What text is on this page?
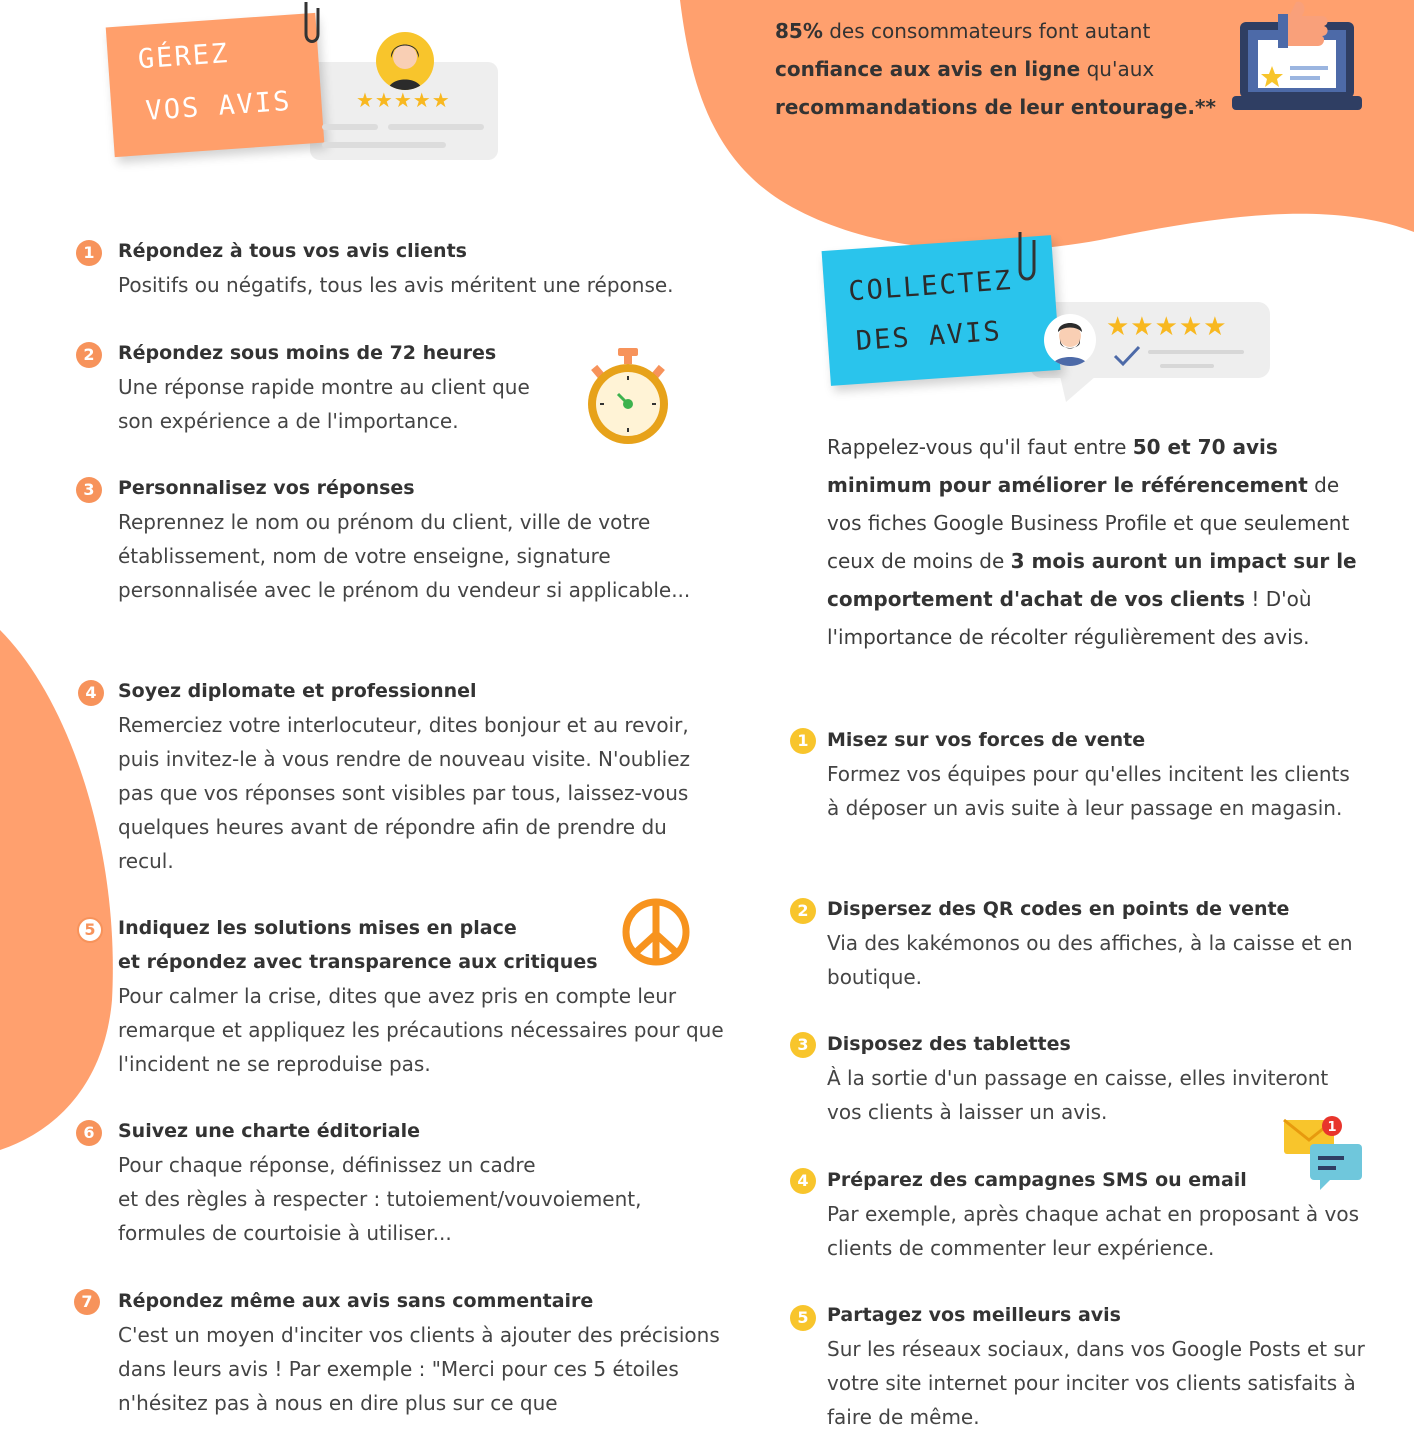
GÉREZ
VOS AVIS	★★★★★
85% des consommateurs font autant confiance aux avis en ligne qu'aux recommandations de leur entourage.**
1	Répondez à tous vos avis clients

Positifs ou négatifs, tous les avis méritent une réponse.

2	Répondez sous moins de 72 heures

Une réponse rapide montre au client que son expérience a de l'importance.

3	Personnalisez vos réponses

Reprennez le nom ou prénom du client, ville de votre établissement, nom de votre enseigne, signature personnalisée avec le prénom du vendeur si applicable...

4	Soyez diplomate et professionnel

Remerciez votre interlocuteur, dites bonjour et au revoir, puis invitez-le à vous rendre de nouveau visite. N'oubliez pas que vos réponses sont visibles par tous, laissez-vous quelques heures avant de répondre afin de prendre du recul.

5	Indiquez les solutions mises en place
et répondez avec transparence aux critiques

Pour calmer la crise, dites que avez pris en compte leur remarque et appliquez les précautions nécessaires pour que l'incident ne se reproduise pas.

6	Suivez une charte éditoriale

Pour chaque réponse, définissez un cadre

et des règles à respecter : tutoiement/vouvoiement, formules de courtoisie à utiliser...

7	Répondez même aux avis sans commentaire

C'est un moyen d'inciter vos clients à ajouter des précisions dans leurs avis ! Par exemple : "Merci pour ces 5 étoiles n'hésitez pas à nous en dire plus sur ce que

COLLECTEZ
DES AVIS	★★★★★
Rappelez-vous qu'il faut entre 50 et 70 avis minimum pour améliorer le référencement de vos fiches Google Business Profile et que seulement ceux de moins de 3 mois auront un impact sur le comportement d'achat de vos clients ! D'où l'importance de récolter régulièrement des avis.
1 Misez sur vos forces de vente

Formez vos équipes pour qu'elles incitent les clients à déposer un avis suite à leur passage en magasin.

2 Dispersez des QR codes en points de vente

Via des kakémonos ou des affiches, à la caisse et en boutique.

3 Disposez des tablettes

À la sortie d'un passage en caisse, elles inviteront vos clients à laisser un avis.

1
4 Préparez des campagnes SMS ou email

Par exemple, après chaque achat en proposant à vos clients de commenter leur expérience.

5 Partagez vos meilleurs avis

Sur les réseaux sociaux, dans vos Google Posts et sur votre site internet pour inciter vos clients satisfaits à faire de même.
